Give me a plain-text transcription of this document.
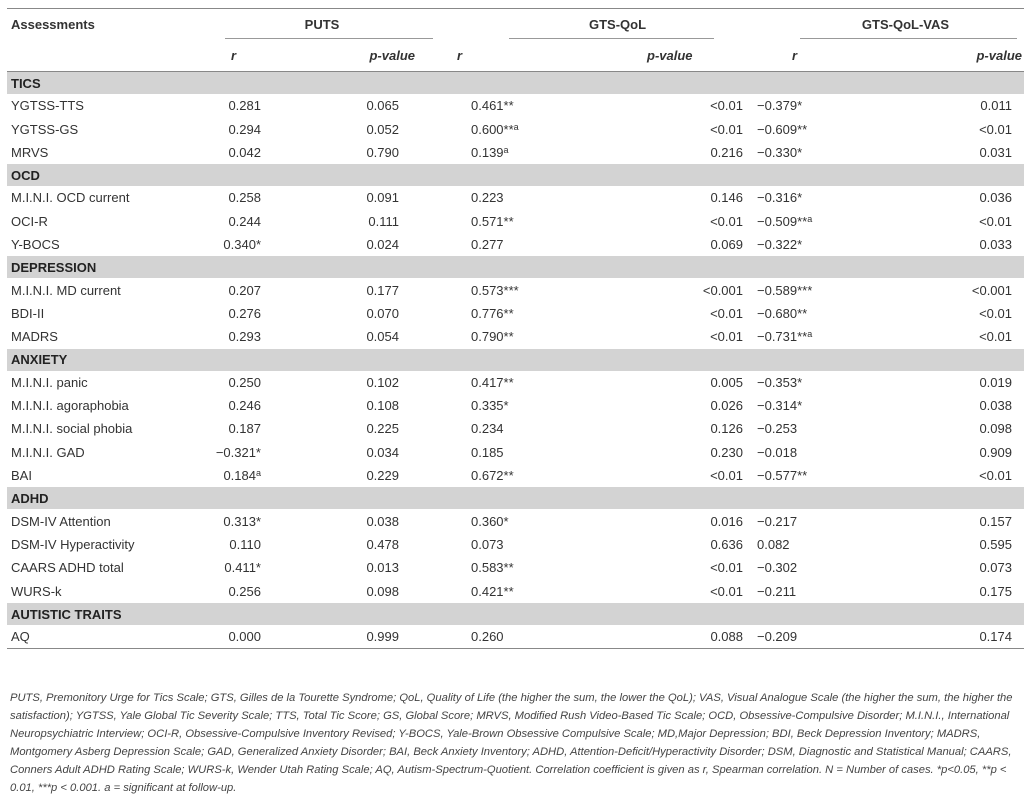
Assessments	PUTS		GTS-QoL		GTS-QoL-VAS	
	r	p-value	r	p-value	r	p-value
TICS						
YGTSS-TTS	0.281	0.065	0.461**	<0.01	−0.379*	0.011
YGTSS-GS	0.294	0.052	0.600**$^a$	<0.01	−0.609**	<0.01
MRVS	0.042	0.790	0.139$^a$	0.216	−0.330*	0.031
OCD						
M.I.N.I. OCD current	0.258	0.091	0.223	0.146	−0.316*	0.036
OCI-R	0.244	0.111	0.571**	<0.01	−0.509**$^a$	<0.01
Y-BOCS	0.340*	0.024	0.277	0.069	−0.322*	0.033
DEPRESSION						
M.I.N.I. MD current	0.207	0.177	0.573***	<0.001	−0.589***	<0.001
BDI-II	0.276	0.070	0.776**	<0.01	−0.680**	<0.01
MADRS	0.293	0.054	0.790**	<0.01	−0.731**$^a$	<0.01
ANXIETY						
M.I.N.I. panic	0.250	0.102	0.417**	0.005	−0.353*	0.019
M.I.N.I. agoraphobia	0.246	0.108	0.335*	0.026	−0.314*	0.038
M.I.N.I. social phobia	0.187	0.225	0.234	0.126	−0.253	0.098
M.I.N.I. GAD	−0.321*	0.034	0.185	0.230	−0.018	0.909
BAI	0.184$^a$	0.229	0.672**	<0.01	−0.577**	<0.01
ADHD						
DSM-IV Attention	0.313*	0.038	0.360*	0.016	−0.217	0.157
DSM-IV Hyperactivity	0.110	0.478	0.073	0.636	0.082	0.595
CAARS ADHD total	0.411*	0.013	0.583**	<0.01	−0.302	0.073
WURS-k	0.256	0.098	0.421**	<0.01	−0.211	0.175
AUTISTIC TRAITS						
AQ	0.000	0.999	0.260	0.088	−0.209	0.174
PUTS, Premonitory Urge for Tics Scale; GTS, Gilles de la Tourette Syndrome; QoL, Quality of Life (the higher the sum, the lower the QoL); VAS, Visual Analogue Scale (the higher the sum, the higher the satisfaction); YGTSS, Yale Global Tic Severity Scale; TTS, Total Tic Score; GS, Global Score; MRVS, Modified Rush Video-Based Tic Scale; OCD, Obsessive-Compulsive Disorder; M.I.N.I., International Neuropsychiatric Interview; OCI-R, Obsessive-Compulsive Inventory Revised; Y-BOCS, Yale-Brown Obsessive Compulsive Scale; MD,Major Depression; BDI, Beck Depression Inventory; MADRS, Montgomery Asberg Depression Scale; GAD, Generalized Anxiety Disorder; BAI, Beck Anxiety Inventory; ADHD, Attention-Deficit/Hyperactivity Disorder; DSM, Diagnostic and Statistical Manual; CAARS, Conners Adult ADHD Rating Scale; WURS-k, Wender Utah Rating Scale; AQ, Autism-Spectrum-Quotient. Correlation coefficient is given as r, Spearman correlation. N = Number of cases. *p<0.05, **p < 0.01, ***p < 0.001. a = significant at follow-up.
